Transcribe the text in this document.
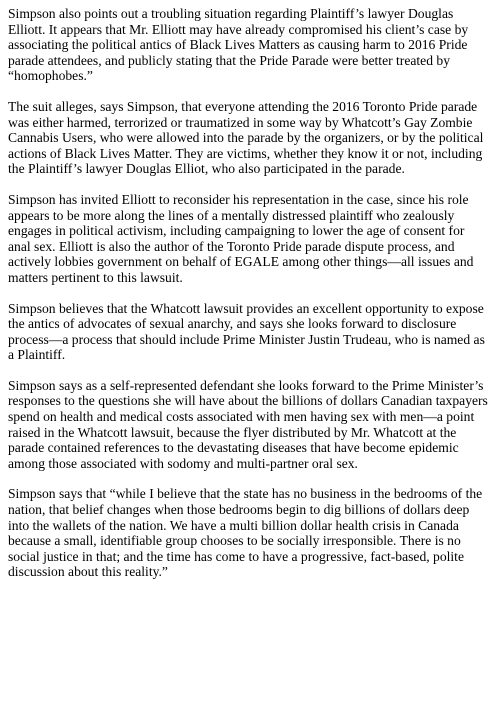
Simpson also points out a troubling situation regarding Plaintiff’s lawyer Douglas Elliott. It appears that Mr. Elliott may have already compromised his client’s case by associating the political antics of Black Lives Matters as causing harm to 2016 Pride parade attendees, and publicly stating that the Pride Parade were better treated by “homophobes.”

The suit alleges, says Simpson, that everyone attending the 2016 Toronto Pride parade was either harmed, terrorized or traumatized in some way by Whatcott’s Gay Zombie Cannabis Users, who were allowed into the parade by the organizers, or by the political actions of Black Lives Matter. They are victims, whether they know it or not, including the Plaintiff’s lawyer Douglas Elliot, who also participated in the parade.

Simpson has invited Elliott to reconsider his representation in the case, since his role appears to be more along the lines of a mentally distressed plaintiff who zealously engages in political activism, including campaigning to lower the age of consent for anal sex. Elliott is also the author of the Toronto Pride parade dispute process, and actively lobbies government on behalf of EGALE among other things—all issues and matters pertinent to this lawsuit.

Simpson believes that the Whatcott lawsuit provides an excellent opportunity to expose the antics of advocates of sexual anarchy, and says she looks forward to disclosure process—a process that should include Prime Minister Justin Trudeau, who is named as a Plaintiff.

Simpson says as a self-represented defendant she looks forward to the Prime Minister’s responses to the questions she will have about the billions of dollars Canadian taxpayers spend on health and medical costs associated with men having sex with men—a point raised in the Whatcott lawsuit, because the flyer distributed by Mr. Whatcott at the parade contained references to the devastating diseases that have become epidemic among those associated with sodomy and multi-partner oral sex.

Simpson says that “while I believe that the state has no business in the bedrooms of the nation, that belief changes when those bedrooms begin to dig billions of dollars deep into the wallets of the nation. We have a multi billion dollar health crisis in Canada because a small, identifiable group chooses to be socially irresponsible. There is no social justice in that; and the time has come to have a progressive, fact-based, polite discussion about this reality.”
